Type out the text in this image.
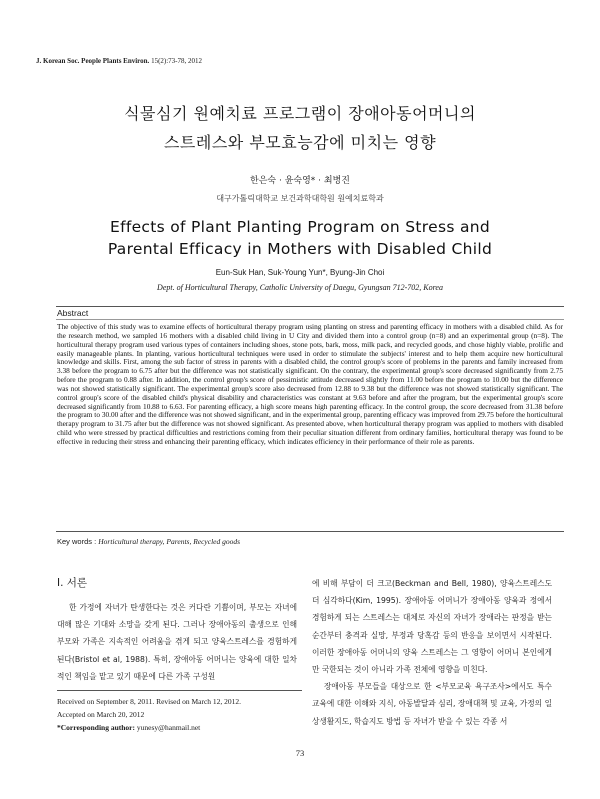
J. Korean Soc. People Plants Environ. 15(2):73-78, 2012
식물심기 원예치료 프로그램이 장애아동어머니의
스트레스와 부모효능감에 미치는 영향
한은숙 · 윤숙영* · 최병진
대구가톨릭대학교 보건과학대학원 원예치료학과
Effects of Plant Planting Program on Stress and
Parental Efficacy in Mothers with Disabled Child
Eun-Suk Han, Suk-Young Yun*, Byung-Jin Choi
Dept. of Horticultural Therapy, Catholic University of Daegu, Gyungsan 712-702, Korea
Abstract
The objective of this study was to examine effects of horticultural therapy program using planting on stress and parenting efficacy in mothers with a disabled child. As for the research method, we sampled 16 mothers with a disabled child living in U City and divided them into a control group (n=8) and an experimental group (n=8). The horticultural therapy program used various types of containers including shoes, stone pots, bark, moss, milk pack, and recycled goods, and chose highly viable, prolific and easily manageable plants. In planting, various horticultural techniques were used in order to stimulate the subjects' interest and to help them acquire new horticultural knowledge and skills. First, among the sub factor of stress in parents with a disabled child, the control group's score of problems in the parents and family increased from 3.38 before the program to 6.75 after but the difference was not statistically significant. On the contrary, the experimental group's score decreased significantly from 2.75 before the program to 0.88 after. In addition, the control group's score of pessimistic attitude decreased slightly from 11.00 before the program to 10.00 but the difference was not showed statistically significant. The experimental group's score also decreased from 12.88 to 9.38 but the difference was not showed statistically significant. The control group's score of the disabled child's physical disability and characteristics was constant at 9.63 before and after the program, but the experimental group's score decreased significantly from 10.88 to 6.63. For parenting efficacy, a high score means high parenting efficacy. In the control group, the score decreased from 31.38 before the program to 30.00 after and the difference was not showed significant, and in the experimental group, parenting efficacy was improved from 29.75 before the horticultural therapy program to 31.75 after but the difference was not showed significant. As presented above, when horticultural therapy program was applied to mothers with disabled child who were stressed by practical difficulties and restrictions coming from their peculiar situation different from ordinary families, horticultural therapy was found to be effective in reducing their stress and enhancing their parenting efficacy, which indicates efficiency in their performance of their role as parents.
Key words : Horticultural therapy, Parents, Recycled goods
Ⅰ. 서론

한 가정에 자녀가 탄생한다는 것은 커다란 기쁨이며, 부모는 자녀에 대해 많은 기대와 소망을 갖게 된다. 그러나 장애아동의 출생으로 인해 부모와 가족은 지속적인 어려움을 겪게 되고 양육스트레스를 경험하게 된다(Bristol et al, 1988). 특히, 장애아동 어머니는 양육에 대한 일차적인 책임을 맡고 있기 때문에 다른 가족 구성원

에 비해 부담이 더 크고(Beckman and Bell, 1980), 양육스트레스도 더 심각하다(Kim, 1995). 장애아동 어머니가 장애아동 양육과 정에서 경험하게 되는 스트레스는 대체로 자신의 자녀가 장애라는 판정을 받는 순간부터 충격과 실망, 부정과 당혹감 등의 반응을 보이면서 시작된다. 이러한 장애아동 어머니의 양육 스트레스는 그 영향이 어머니 본인에게만 국한되는 것이 아니라 가족 전체에 영향을 미친다.

장애아동 부모들을 대상으로 한 <부모교육 욕구조사>에서도 특수교육에 대한 이해와 지식, 아동발달과 심리, 장애대책 및 교육, 가정의 일상생활지도, 학습지도 방법 등 자녀가 받을 수 있는 각종 서

Received on September 8, 2011. Revised on March 12, 2012.
Accepted on March 20, 2012
*Corresponding author: yunesy@hanmail.net
73
